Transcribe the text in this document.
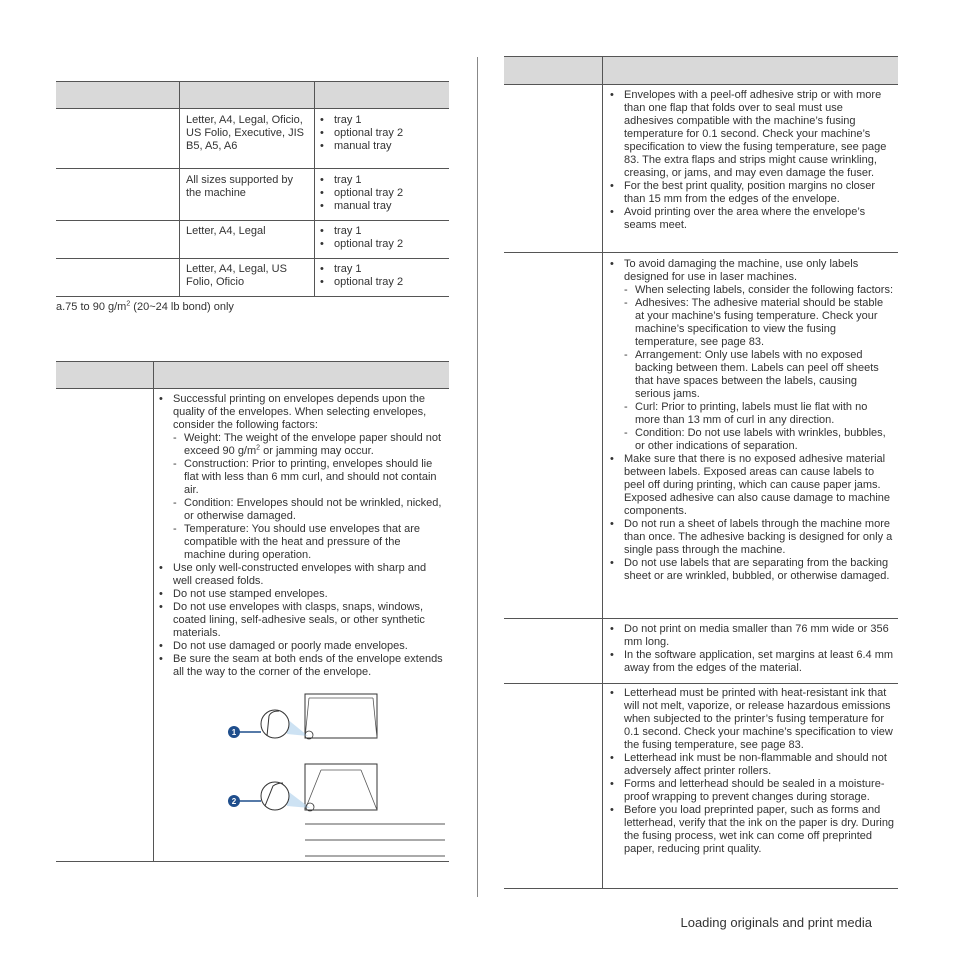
Letter, A4, Legal, Oficio, US Folio, Executive, JIS B5, A5, A6
• tray 1
• optional tray 2
• manual tray
All sizes supported by the machine
• tray 1
• optional tray 2
• manual tray
Letter, A4, Legal
•	tray 1
• optional tray 2
Letter, A4, Legal, US Folio, Oficio
• tray 1
• optional tray 2
a.75 to 90 $g/m^2$ (20~24 lb bond) only
• Successful printing on envelopes depends upon the quality of the envelopes. When selecting envelopes, consider the following factors:
- Weight: The weight of the envelope paper should not exceed 90 $g/m^2$ or jamming may occur.
- Construction: Prior to printing, envelopes should lie flat with less than 6 mm curl, and should not contain air.
- Condition: Envelopes should not be wrinkled, nicked, or otherwise damaged.
- Temperature: You should use envelopes that are compatible with the heat and pressure of the machine during operation.
• Use only well-constructed envelopes with sharp and well creased folds.
• Do not use stamped envelopes.
• Do not use envelopes with clasps, snaps, windows, coated lining, self-adhesive seals, or other synthetic materials.
• Do not use damaged or poorly made envelopes.
• Be sure the seam at both ends of the envelope extends all the way to the corner of the envelope.
1
2
• Envelopes with a peel-off adhesive strip or with more than one flap that folds over to seal must use adhesives compatible with the machine’s fusing temperature for 0.1 second. Check your machine’s specification to view the fusing temperature, see page 83. The extra flaps and strips might cause wrinkling, creasing, or jams, and may even damage the fuser.
• For the best print quality, position margins no closer than 15 mm from the edges of the envelope.
• Avoid printing over the area where the envelope’s seams meet.
• To avoid damaging the machine, use only labels designed for use in laser machines.
- When selecting labels, consider the following factors:
- Adhesives: The adhesive material should be stable at your machine’s fusing temperature. Check your machine’s specification to view the fusing temperature, see page 83.
- Arrangement: Only use labels with no exposed backing between them. Labels can peel off sheets that have spaces between the labels, causing serious jams.
- Curl: Prior to printing, labels must lie flat with no more than 13 mm of curl in any direction.
- Condition: Do not use labels with wrinkles, bubbles, or other indications of separation.
• Make sure that there is no exposed adhesive material between labels. Exposed areas can cause labels to peel off during printing, which can cause paper jams. Exposed adhesive can also cause damage to machine components.
• Do not run a sheet of labels through the machine more than once. The adhesive backing is designed for only a single pass through the machine.
• Do not use labels that are separating from the backing sheet or are wrinkled, bubbled, or otherwise damaged.
• Do not print on media smaller than 76 mm wide or 356 mm long.
• In the software application, set margins at least 6.4 mm away from the edges of the material.
• Letterhead must be printed with heat-resistant ink that will not melt, vaporize, or release hazardous emissions when subjected to the printer’s fusing temperature for 0.1 second. Check your machine’s specification to view the fusing temperature, see page 83.
• Letterhead ink must be non-flammable and should not adversely affect printer rollers.
• Forms and letterhead should be sealed in a moisture-proof wrapping to prevent changes during storage.
• Before you load preprinted paper, such as forms and letterhead, verify that the ink on the paper is dry. During the fusing process, wet ink can come off preprinted paper, reducing print quality.
Loading originals and print media
